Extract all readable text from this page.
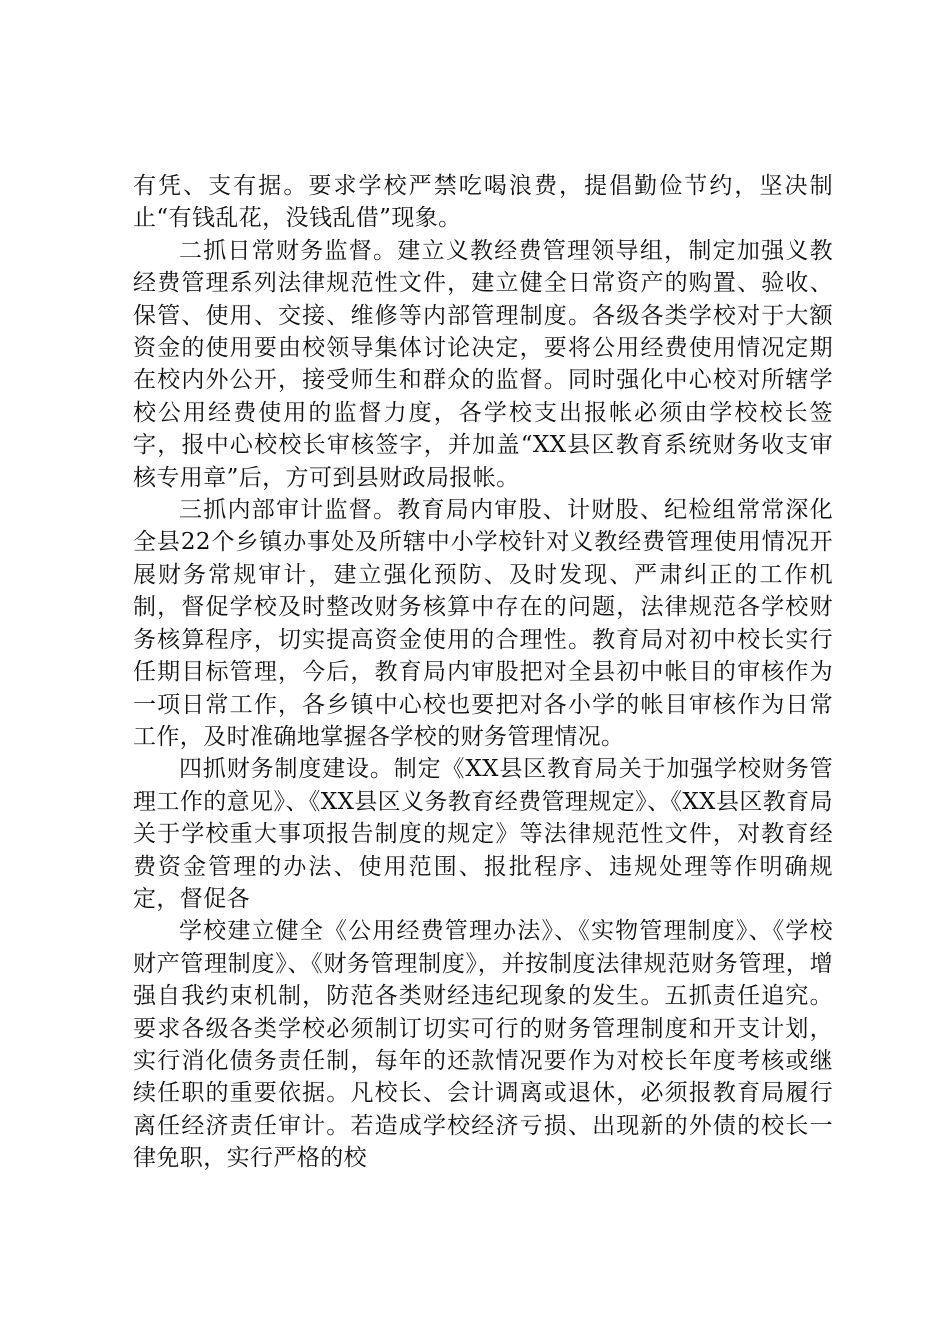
有凭、支有据。要求学校严禁吃喝浪费，提倡勤俭节约，坚决制止“有钱乱花，没钱乱借”现象。

二抓日常财务监督。建立义教经费管理领导组，制定加强义教经费管理系列法律规范性文件，建立健全日常资产的购置、验收、保管、使用、交接、维修等内部管理制度。各级各类学校对于大额资金的使用要由校领导集体讨论决定，要将公用经费使用情况定期在校内外公开，接受师生和群众的监督。同时强化中心校对所辖学校公用经费使用的监督力度，各学校支出报帐必须由学校校长签字，报中心校校长审核签字，并加盖“XX县区教育系统财务收支审核专用章”后，方可到县财政局报帐。

三抓内部审计监督。教育局内审股、计财股、纪检组常常深化全县22个乡镇办事处及所辖中小学校针对义教经费管理使用情况开展财务常规审计，建立强化预防、及时发现、严肃纠正的工作机制，督促学校及时整改财务核算中存在的问题，法律规范各学校财务核算程序，切实提高资金使用的合理性。教育局对初中校长实行任期目标管理，今后，教育局内审股把对全县初中帐目的审核作为一项日常工作，各乡镇中心校也要把对各小学的帐目审核作为日常工作，及时准确地掌握各学校的财务管理情况。

四抓财务制度建设。制定《XX县区教育局关于加强学校财务管理工作的意见》、《XX县区义务教育经费管理规定》、《XX县区教育局关于学校重大事项报告制度的规定》等法律规范性文件，对教育经费资金管理的办法、使用范围、报批程序、违规处理等作明确规定，督促各

学校建立健全《公用经费管理办法》、《实物管理制度》、《学校财产管理制度》、《财务管理制度》，并按制度法律规范财务管理，增强自我约束机制，防范各类财经违纪现象的发生。五抓责任追究。要求各级各类学校必须制订切实可行的财务管理制度和开支计划，实行消化债务责任制，每年的还款情况要作为对校长年度考核或继续任职的重要依据。凡校长、会计调离或退休，必须报教育局履行离任经济责任审计。若造成学校经济亏损、出现新的外债的校长一律免职，实行严格的校
